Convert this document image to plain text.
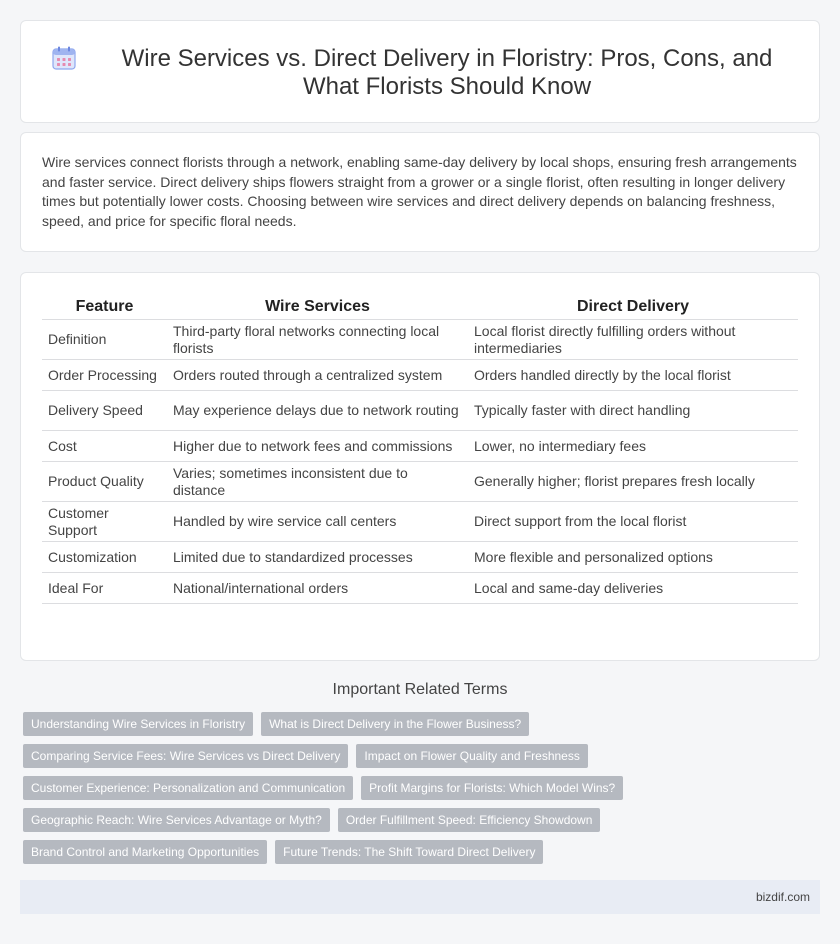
Wire Services vs. Direct Delivery in Floristry: Pros, Cons, and What Florists Should Know

Wire services connect florists through a network, enabling same-day delivery by local shops, ensuring fresh arrangements and faster service. Direct delivery ships flowers straight from a grower or a single florist, often resulting in longer delivery times but potentially lower costs. Choosing between wire services and direct delivery depends on balancing freshness, speed, and price for specific floral needs.

Feature	Wire Services	Direct Delivery
Definition	Third-party floral networks connecting local florists	Local florist directly fulfilling orders without intermediaries
Order Processing	Orders routed through a centralized system	Orders handled directly by the local florist
Delivery Speed	May experience delays due to network routing	Typically faster with direct handling
Cost	Higher due to network fees and commissions	Lower, no intermediary fees
Product Quality	Varies; sometimes inconsistent due to distance	Generally higher; florist prepares fresh locally
Customer Support	Handled by wire service call centers	Direct support from the local florist
Customization	Limited due to standardized processes	More flexible and personalized options
Ideal For	National/international orders	Local and same-day deliveries
Important Related Terms
Understanding Wire Services in Floristry	What is Direct Delivery in the Flower Business?
Comparing Service Fees: Wire Services vs Direct Delivery	Impact on Flower Quality and Freshness
Customer Experience: Personalization and Communication	Profit Margins for Florists: Which Model Wins?
Geographic Reach: Wire Services Advantage or Myth?	Order Fulfillment Speed: Efficiency Showdown
Brand Control and Marketing Opportunities	Future Trends: The Shift Toward Direct Delivery
bizdif.com
